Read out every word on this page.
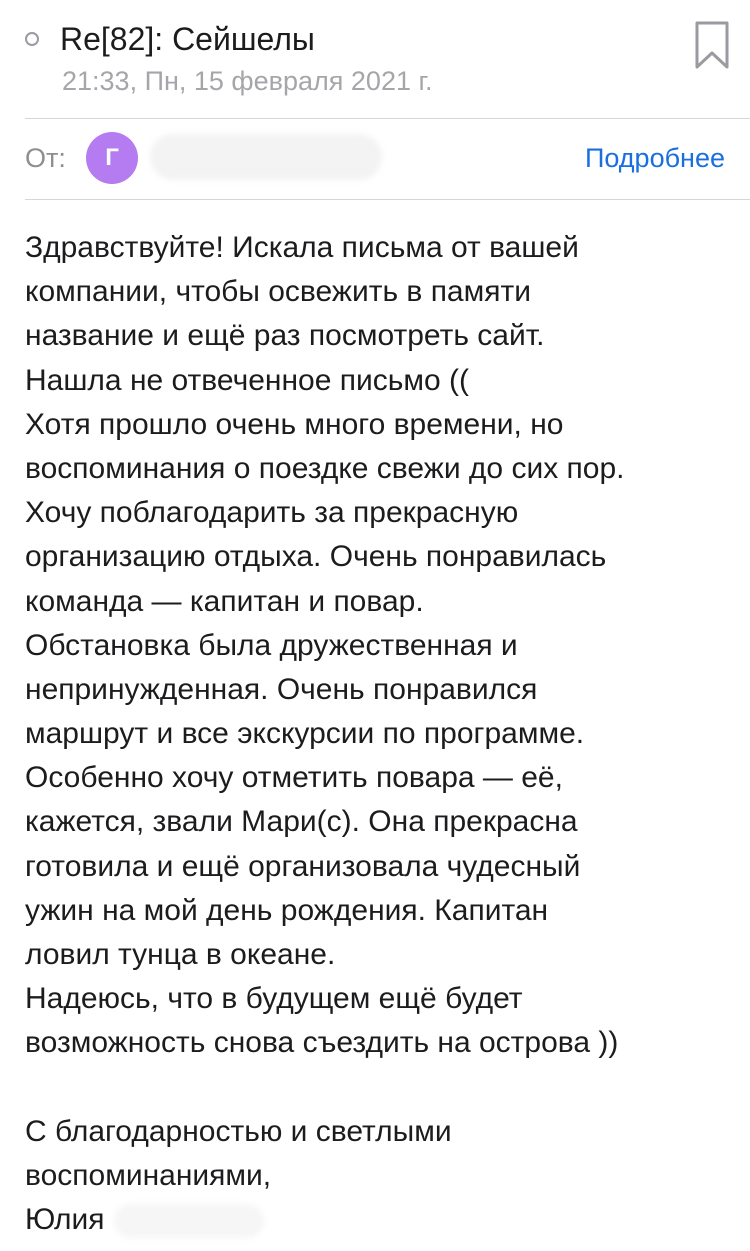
Re[82]: Сейшелы
21:33, Пн, 15 февраля 2021 г.
От:	Г	Подробнее
Здравствуйте! Искала письма от вашей
компании, чтобы освежить в памяти
название и ещё раз посмотреть сайт.
Нашла не отвеченное письмо ((
Хотя прошло очень много времени, но
воспоминания о поездке свежи до сих пор.
Хочу поблагодарить за прекрасную
организацию отдыха. Очень понравилась
команда — капитан и повар.
Обстановка была дружественная и
непринужденная. Очень понравился
маршрут и все экскурсии по программе.
Особенно хочу отметить повара — её,
кажется, звали Мари(с). Она прекрасна
готовила и ещё организовала чудесный
ужин на мой день рождения. Капитан
ловил тунца в океане.
Надеюсь, что в будущем ещё будет
возможность снова съездить на острова ))
С благодарностью и светлыми
воспоминаниями,
Юлия
